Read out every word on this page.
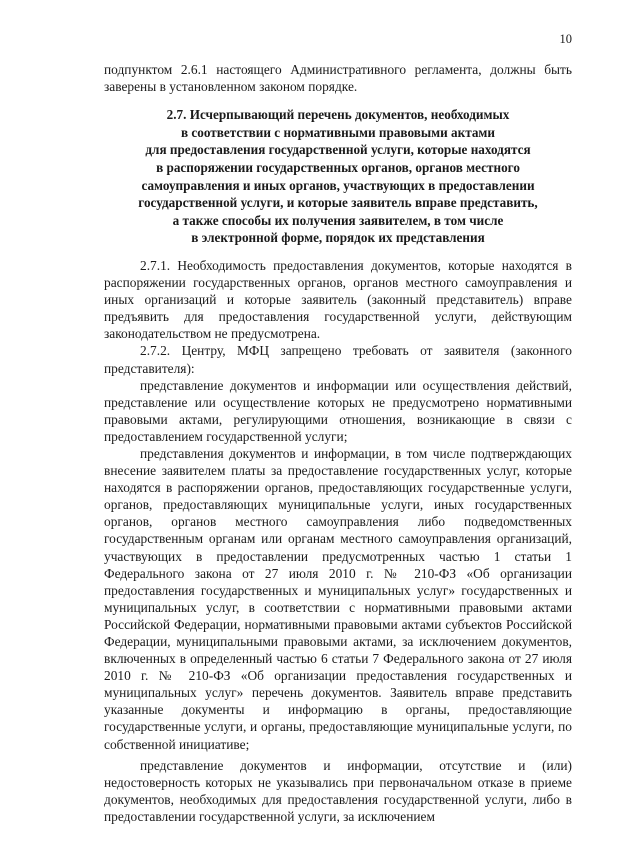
10

подпунктом 2.6.1 настоящего Административного регламента, должны быть заверены в установленном законом порядке.

2.7. Исчерпывающий перечень документов, необходимых
в соответствии с нормативными правовыми актами
для предоставления государственной услуги, которые находятся
в распоряжении государственных органов, органов местного
самоуправления и иных органов, участвующих в предоставлении
государственной услуги, и которые заявитель вправе представить,
а также способы их получения заявителем, в том числе
в электронной форме, порядок их представления

2.7.1. Необходимость предоставления документов, которые находятся в распоряжении государственных органов, органов местного самоуправления и иных организаций и которые заявитель (законный представитель) вправе предъявить для предоставления государственной услуги, действующим законодательством не предусмотрена.

2.7.2. Центру, МФЦ запрещено требовать от заявителя (законного представителя):

представление документов и информации или осуществления действий, представление или осуществление которых не предусмотрено нормативными правовыми актами, регулирующими отношения, возникающие в связи с предоставлением государственной услуги;

представления документов и информации, в том числе подтверждающих внесение заявителем платы за предоставление государственных услуг, которые находятся в распоряжении органов, предоставляющих государственные услуги, органов, предоставляющих муниципальные услуги, иных государственных органов, органов местного самоуправления либо подведомственных государственным органам или органам местного самоуправления организаций, участвующих в предоставлении предусмотренных частью 1 статьи 1 Федерального закона от 27 июля 2010 г. № 210-ФЗ «Об организации предоставления государственных и муниципальных услуг» государственных и муниципальных услуг, в соответствии с нормативными правовыми актами Российской Федерации, нормативными правовыми актами субъектов Российской Федерации, муниципальными правовыми актами, за исключением документов, включенных в определенный частью 6 статьи 7 Федерального закона от 27 июля 2010 г. № 210-ФЗ «Об организации предоставления государственных и муниципальных услуг» перечень документов. Заявитель вправе представить указанные документы и информацию в органы, предоставляющие государственные услуги, и органы, предоставляющие муниципальные услуги, по собственной инициативе;

представление документов и информации, отсутствие и (или) недостоверность которых не указывались при первоначальном отказе в приеме документов, необходимых для предоставления государственной услуги, либо в предоставлении государственной услуги, за исключением
